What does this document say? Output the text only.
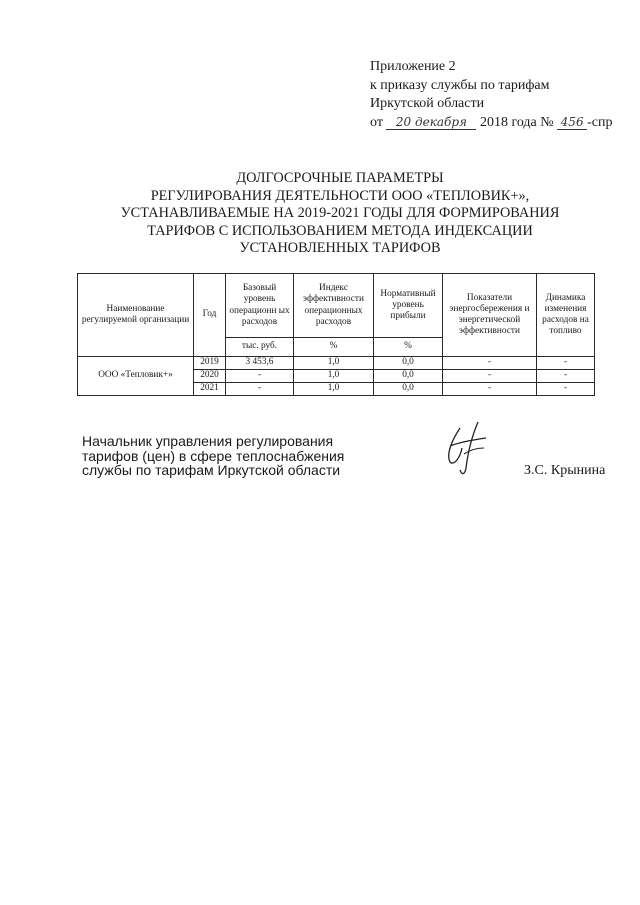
Приложение 2
к приказу службы по тарифам
Иркутской области
от 20 декабря 2018 года № 456 -спр
ДОЛГОСРОЧНЫЕ ПАРАМЕТРЫ
РЕГУЛИРОВАНИЯ ДЕЯТЕЛЬНОСТИ ООО «ТЕПЛОВИК+»,
УСТАНАВЛИВАЕМЫЕ НА 2019-2021 ГОДЫ ДЛЯ ФОРМИРОВАНИЯ
ТАРИФОВ С ИСПОЛЬЗОВАНИЕМ МЕТОДА ИНДЕКСАЦИИ
УСТАНОВЛЕННЫХ ТАРИФОВ
Наименование регулируемой организации	Год	Базовый уровень операционн ых расходов	Индекс эффективности операционных расходов	Нормативный уровень прибыли	Показатели энергосбережения и энергетической эффективности	Динамика изменения расходов на топливо
		тыс. руб.	%	%		
ООО «Тепловик+»	2019	3 453,6	1,0	0,0	-	-
	2020	-	1,0	0,0	-	-
	2021	-	1,0	0,0	-	-
Начальник управления регулирования
тарифов (цен) в сфере теплоснабжения
службы по тарифам Иркутской области	З.С. Крынина
